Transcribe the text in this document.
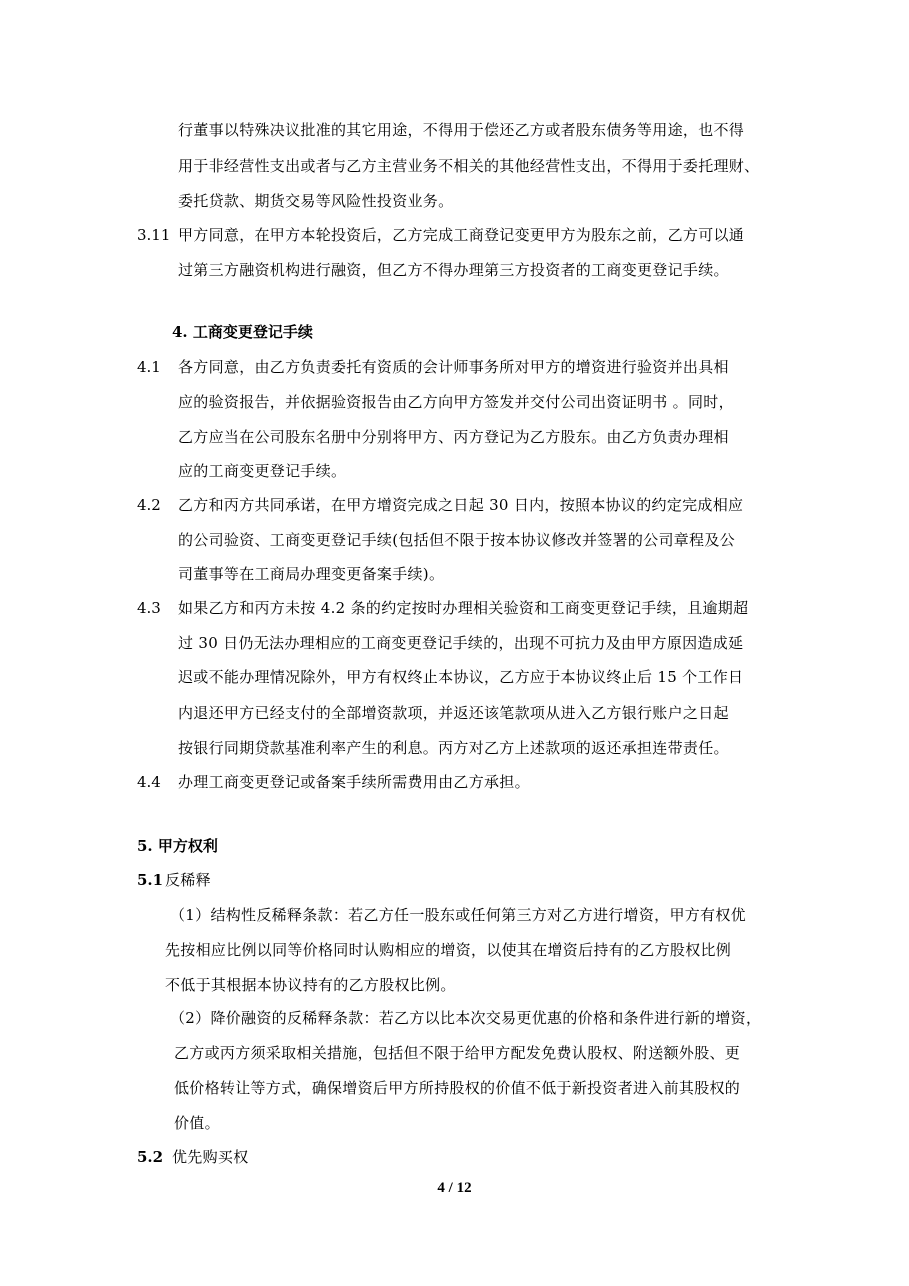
行董事以特殊决议批准的其它用途，不得用于偿还乙方或者股东债务等用途，也不得
用于非经营性支出或者与乙方主营业务不相关的其他经营性支出，不得用于委托理财、
委托贷款、期货交易等风险性投资业务。
3.11 甲方同意，在甲方本轮投资后，乙方完成工商登记变更甲方为股东之前，乙方可以通
过第三方融资机构进行融资，但乙方不得办理第三方投资者的工商变更登记手续。
4. 工商变更登记手续
4.1 各方同意，由乙方负责委托有资质的会计师事务所对甲方的增资进行验资并出具相
应的验资报告，并依据验资报告由乙方向甲方签发并交付公司出资证明书 。同时，
乙方应当在公司股东名册中分别将甲方、丙方登记为乙方股东。由乙方负责办理相
应的工商变更登记手续。
4.2 乙方和丙方共同承诺，在甲方增资完成之日起 30 日内，按照本协议的约定完成相应
的公司验资、工商变更登记手续(包括但不限于按本协议修改并签署的公司章程及公
司董事等在工商局办理变更备案手续)。
4.3 如果乙方和丙方未按 4.2 条的约定按时办理相关验资和工商变更登记手续，且逾期超
过 30 日仍无法办理相应的工商变更登记手续的，出现不可抗力及由甲方原因造成延
迟或不能办理情况除外，甲方有权终止本协议，乙方应于本协议终止后 15 个工作日
内退还甲方已经支付的全部增资款项，并返还该笔款项从进入乙方银行账户之日起
按银行同期贷款基准利率产生的利息。丙方对乙方上述款项的返还承担连带责任。
4.4 办理工商变更登记或备案手续所需费用由乙方承担。
5. 甲方权利
5.1 反稀释
（1）结构性反稀释条款：若乙方任一股东或任何第三方对乙方进行增资，甲方有权优
先按相应比例以同等价格同时认购相应的增资，以使其在增资后持有的乙方股权比例
不低于其根据本协议持有的乙方股权比例。
（2）降价融资的反稀释条款：若乙方以比本次交易更优惠的价格和条件进行新的增资，
乙方或丙方须采取相关措施，包括但不限于给甲方配发免费认股权、附送额外股、更
低价格转让等方式，确保增资后甲方所持股权的价值不低于新投资者进入前其股权的
价值。
5.2 优先购买权
4 / 12
